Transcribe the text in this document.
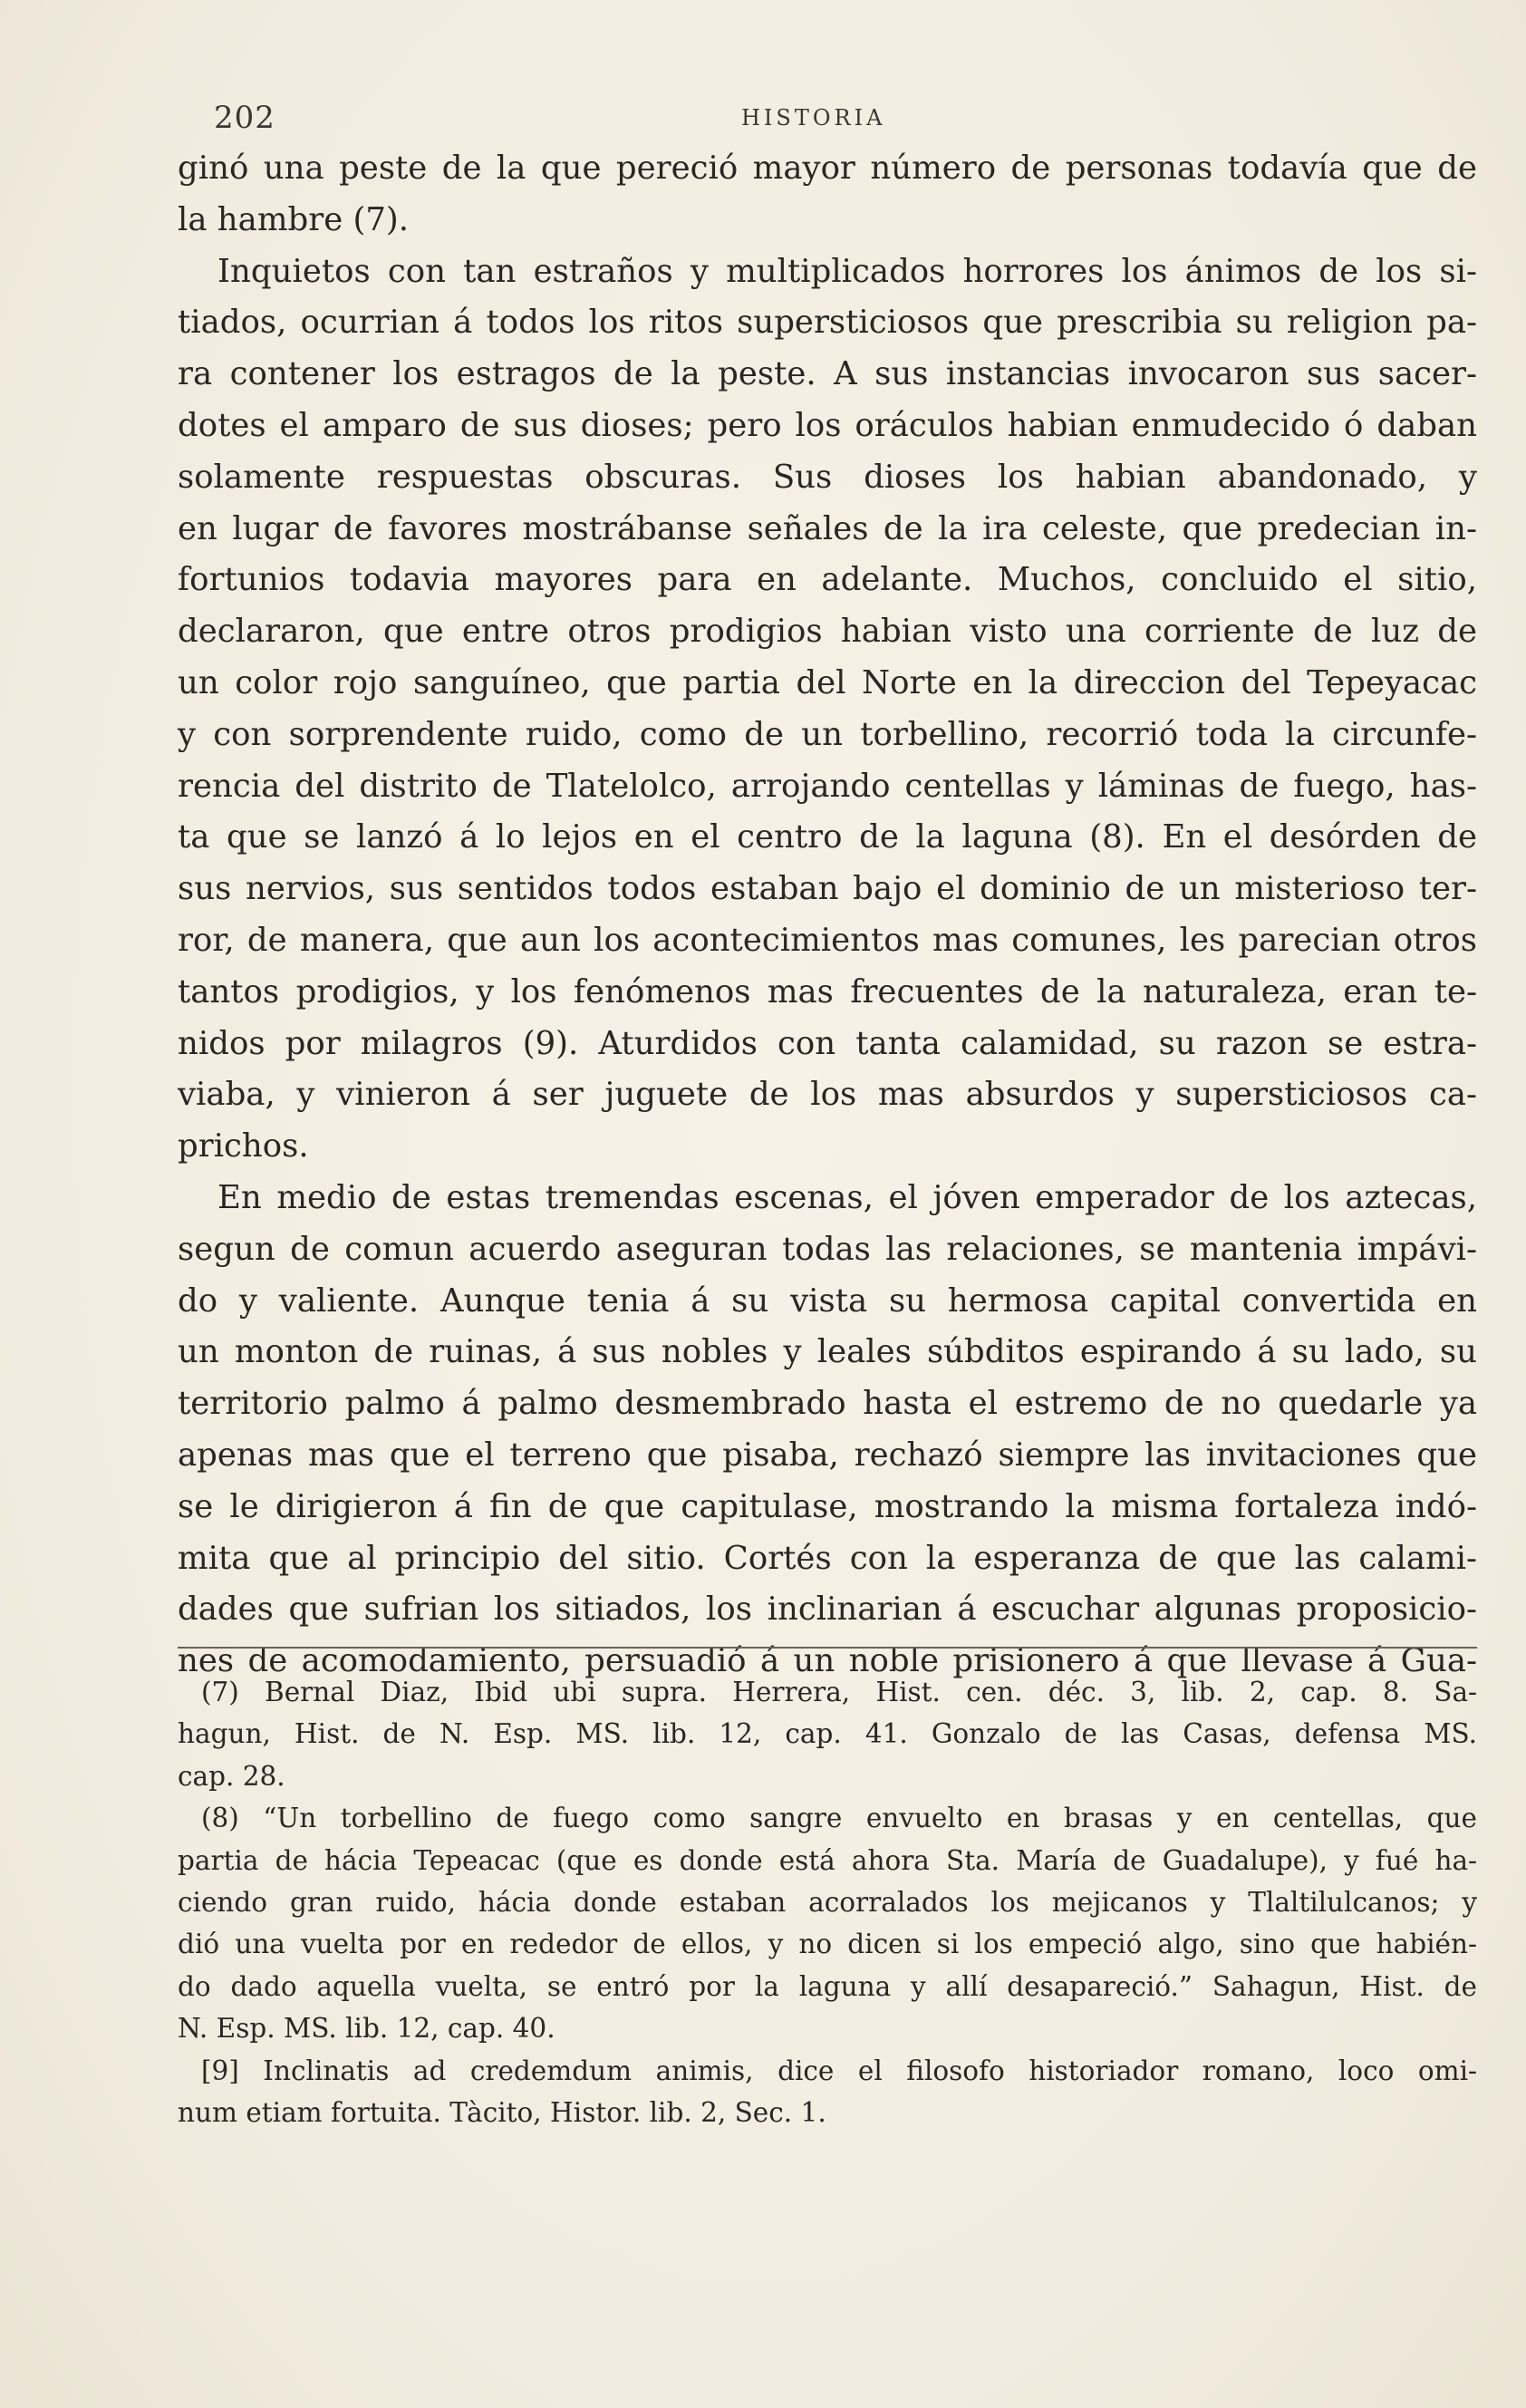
202	HISTORIA
ginó una peste de la que pereció mayor número de personas todavía que de
la hambre (7).
Inquietos con tan estraños y multiplicados horrores los ánimos de los si-
tiados, ocurrian á todos los ritos supersticiosos que prescribia su religion pa-
ra contener los estragos de la peste. A sus instancias invocaron sus sacer-
dotes el amparo de sus dioses; pero los oráculos habian enmudecido ó daban
solamente respuestas obscuras. Sus dioses los habian abandonado, y
en lugar de favores mostrábanse señales de la ira celeste, que predecian in-
fortunios todavia mayores para en adelante. Muchos, concluido el sitio,
declararon, que entre otros prodigios habian visto una corriente de luz de
un color rojo sanguíneo, que partia del Norte en la direccion del Tepeyacac
y con sorprendente ruido, como de un torbellino, recorrió toda la circunfe-
rencia del distrito de Tlatelolco, arrojando centellas y láminas de fuego, has-
ta que se lanzó á lo lejos en el centro de la laguna (8). En el desórden de
sus nervios, sus sentidos todos estaban bajo el dominio de un misterioso ter-
ror, de manera, que aun los acontecimientos mas comunes, les parecian otros
tantos prodigios, y los fenómenos mas frecuentes de la naturaleza, eran te-
nidos por milagros (9). Aturdidos con tanta calamidad, su razon se estra-
viaba, y vinieron á ser juguete de los mas absurdos y supersticiosos ca-
prichos.
En medio de estas tremendas escenas, el jóven emperador de los aztecas,
segun de comun acuerdo aseguran todas las relaciones, se mantenia impávi-
do y valiente. Aunque tenia á su vista su hermosa capital convertida en
un monton de ruinas, á sus nobles y leales súbditos espirando á su lado, su
territorio palmo á palmo desmembrado hasta el estremo de no quedarle ya
apenas mas que el terreno que pisaba, rechazó siempre las invitaciones que
se le dirigieron á fin de que capitulase, mostrando la misma fortaleza indó-
mita que al principio del sitio. Cortés con la esperanza de que las calami-
dades que sufrian los sitiados, los inclinarian á escuchar algunas proposicio-
nes de acomodamiento, persuadió á un noble prisionero á que llevase á Gua-
(7) Bernal Diaz, Ibid ubi supra. Herrera, Hist. cen. déc. 3, lib. 2, cap. 8. Sa-
hagun, Hist. de N. Esp. MS. lib. 12, cap. 41. Gonzalo de las Casas, defensa MS.
cap. 28.
(8) “Un torbellino de fuego como sangre envuelto en brasas y en centellas, que
partia de hácia Tepeacac (que es donde está ahora Sta. María de Guadalupe), y fué ha-
ciendo gran ruido, hácia donde estaban acorralados los mejicanos y Tlaltilulcanos; y
dió una vuelta por en rededor de ellos, y no dicen si los empeció algo, sino que habién-
do dado aquella vuelta, se entró por la laguna y allí desapareció.” Sahagun, Hist. de
N. Esp. MS. lib. 12, cap. 40.
[9] Inclinatis ad credemdum animis, dice el filosofo historiador romano, loco omi-
num etiam fortuita. Tàcito, Histor. lib. 2, Sec. 1.
